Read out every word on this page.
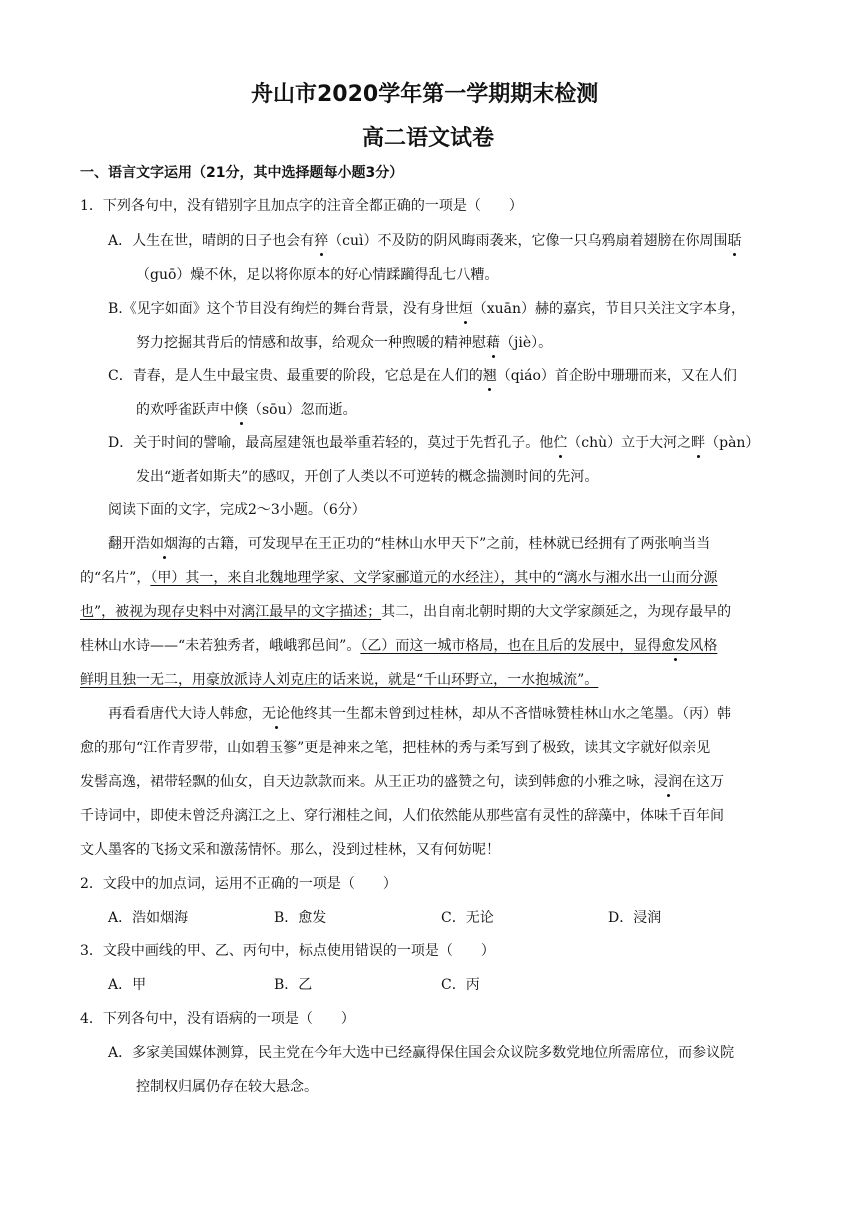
舟山市2020学年第一学期期末检测
高二语文试卷
一、语言文字运用（21分，其中选择题每小题3分）
1．下列各句中，没有错别字且加点字的注音全都正确的一项是（　　）
A．人生在世，晴朗的日子也会有猝（cuì）不及防的阴风晦雨袭来，它像一只乌鸦扇着翅膀在你周围聒
（guō）燥不休，足以将你原本的好心情蹂躏得乱七八糟。
B.《见字如面》这个节目没有绚烂的舞台背景，没有身世烜（xuān）赫的嘉宾，节目只关注文字本身，
努力挖掘其背后的情感和故事，给观众一种煦暖的精神慰藉（jiè）。
C．青春，是人生中最宝贵、最重要的阶段，它总是在人们的翘（qiáo）首企盼中珊珊而来，又在人们
的欢呼雀跃声中倏（sōu）忽而逝。
D．关于时间的譬喻，最高屋建瓴也最举重若轻的，莫过于先哲孔子。他伫（chù）立于大河之畔（pàn）
发出“逝者如斯夫”的感叹，开创了人类以不可逆转的概念揣测时间的先河。
阅读下面的文字，完成2～3小题。（6分）
翻开浩如烟海的古籍，可发现早在王正功的“桂林山水甲天下”之前，桂林就已经拥有了两张响当当
的“名片”，（甲）其一，来自北魏地理学家、文学家郦道元的水经注），其中的“漓水与湘水出一山而分源
也”，被视为现存史料中对漓江最早的文字描述；其二，出自南北朝时期的大文学家颜延之，为现存最早的
桂林山水诗——“未若独秀者，峨峨郛邑间”。（乙）而这一城市格局，也在且后的发展中，显得愈发风格
鲜明且独一无二，用豪放派诗人刘克庄的话来说，就是“千山环野立，一水抱城流”。
再看看唐代大诗人韩愈，无论他终其一生都未曾到过桂林，却从不吝惜咏赞桂林山水之笔墨。（丙）韩
愈的那句“江作青罗带，山如碧玉篸”更是神来之笔，把桂林的秀与柔写到了极致，读其文字就好似亲见
发髻高逸，裙带轻飘的仙女，自天边款款而来。从王正功的盛赞之句，读到韩愈的小雅之咏，浸润在这万
千诗词中，即使未曾泛舟漓江之上、穿行湘桂之间，人们依然能从那些富有灵性的辞藻中，体味千百年间
文人墨客的飞扬文采和激荡情怀。那么，没到过桂林，又有何妨呢！
2．文段中的加点词，运用不正确的一项是（　　）
A．浩如烟海	B．愈发	C．无论	D．浸润
3．文段中画线的甲、乙、丙句中，标点使用错误的一项是（　　）
A．甲	B．乙	C．丙
4．下列各句中，没有语病的一项是（　　）
A．多家美国媒体测算，民主党在今年大选中已经赢得保住国会众议院多数党地位所需席位，而参议院
控制权归属仍存在较大悬念。
